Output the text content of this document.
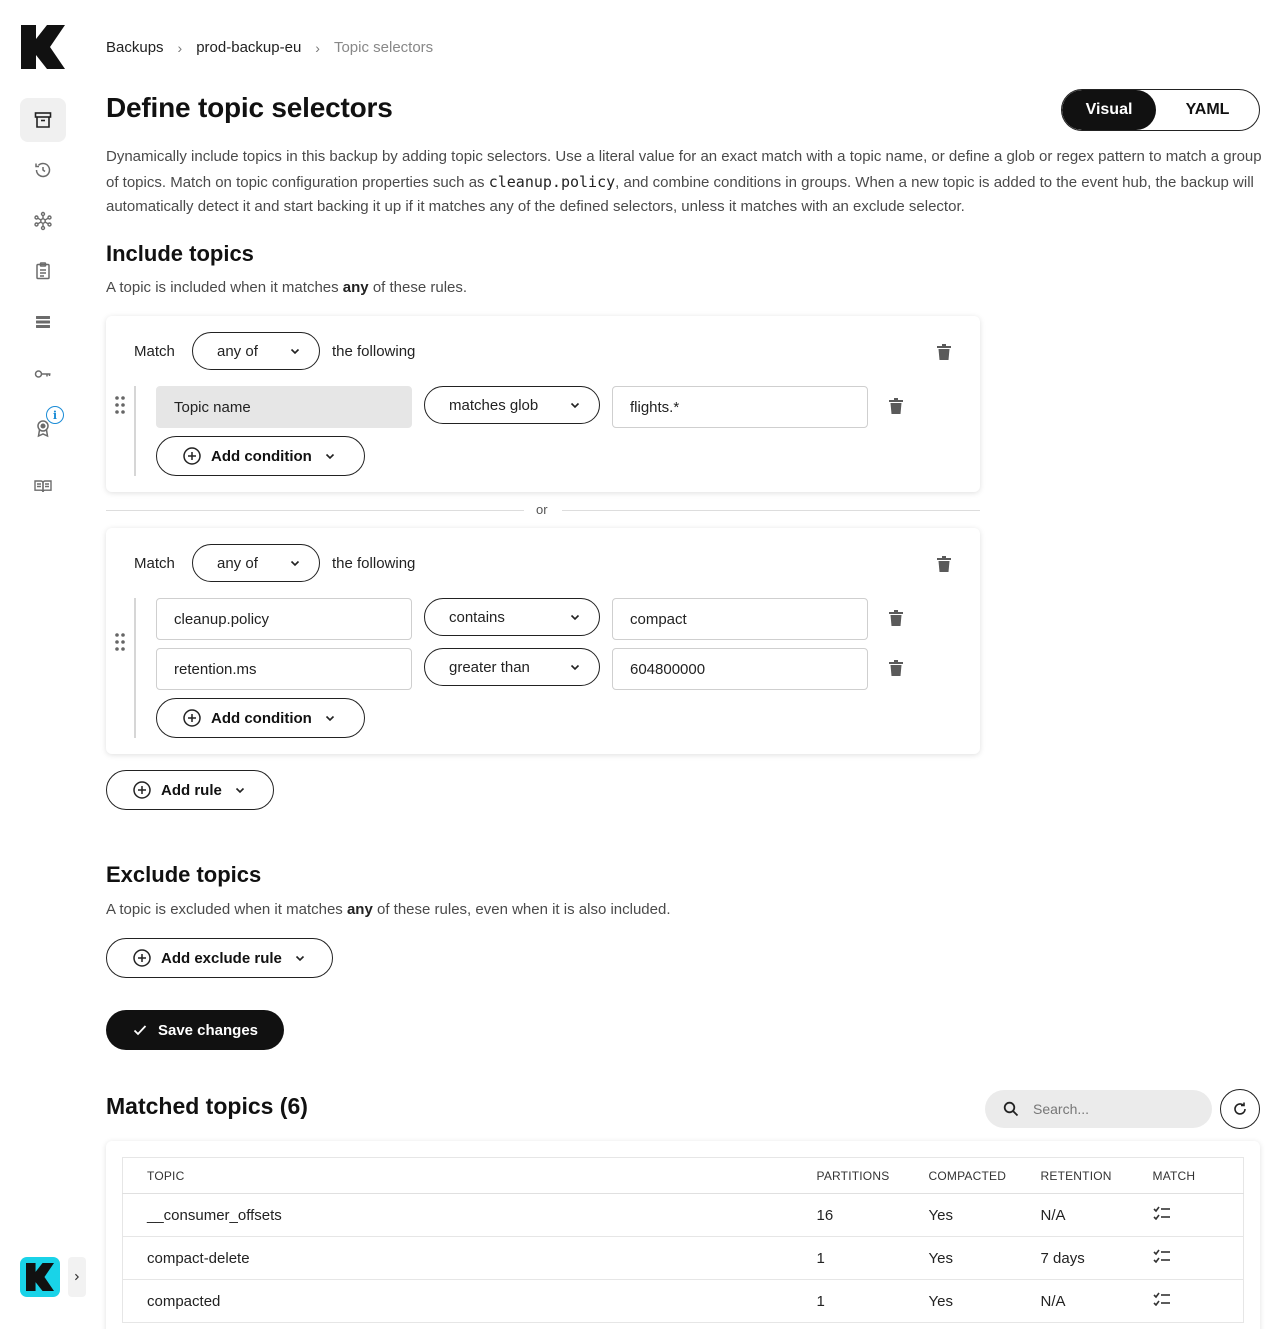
i
Backups › prod-backup-eu › Topic selectors
Define topic selectors	Visual	YAML

Dynamically include topics in this backup by adding topic selectors. Use a literal value for an exact match with a topic name, or define a glob or regex pattern to match a group of topics. Match on topic configuration properties such as cleanup.policy, and combine conditions in groups. When a new topic is added to the event hub, the backup will automatically detect it and start backing it up if it matches any of the defined selectors, unless it matches with an exclude selector.

Include topics

A topic is included when it matches any of these rules.

Match	any of	the following
Topic name	matches glob	flights.*
Add condition
or
Match	any of	the following
cleanup.policy	contains	compact
retention.ms	greater than	604800000
Add condition
Add rule
Exclude topics

A topic is excluded when it matches any of these rules, even when it is also included.

Add exclude rule
Save changes
Matched topics (6)	Search...
TOPIC	PARTITIONS	COMPACTED	RETENTION	MATCH
__consumer_offsets	16	Yes	N/A	
compact-delete	1	Yes	7 days	
compacted	1	Yes	N/A	
